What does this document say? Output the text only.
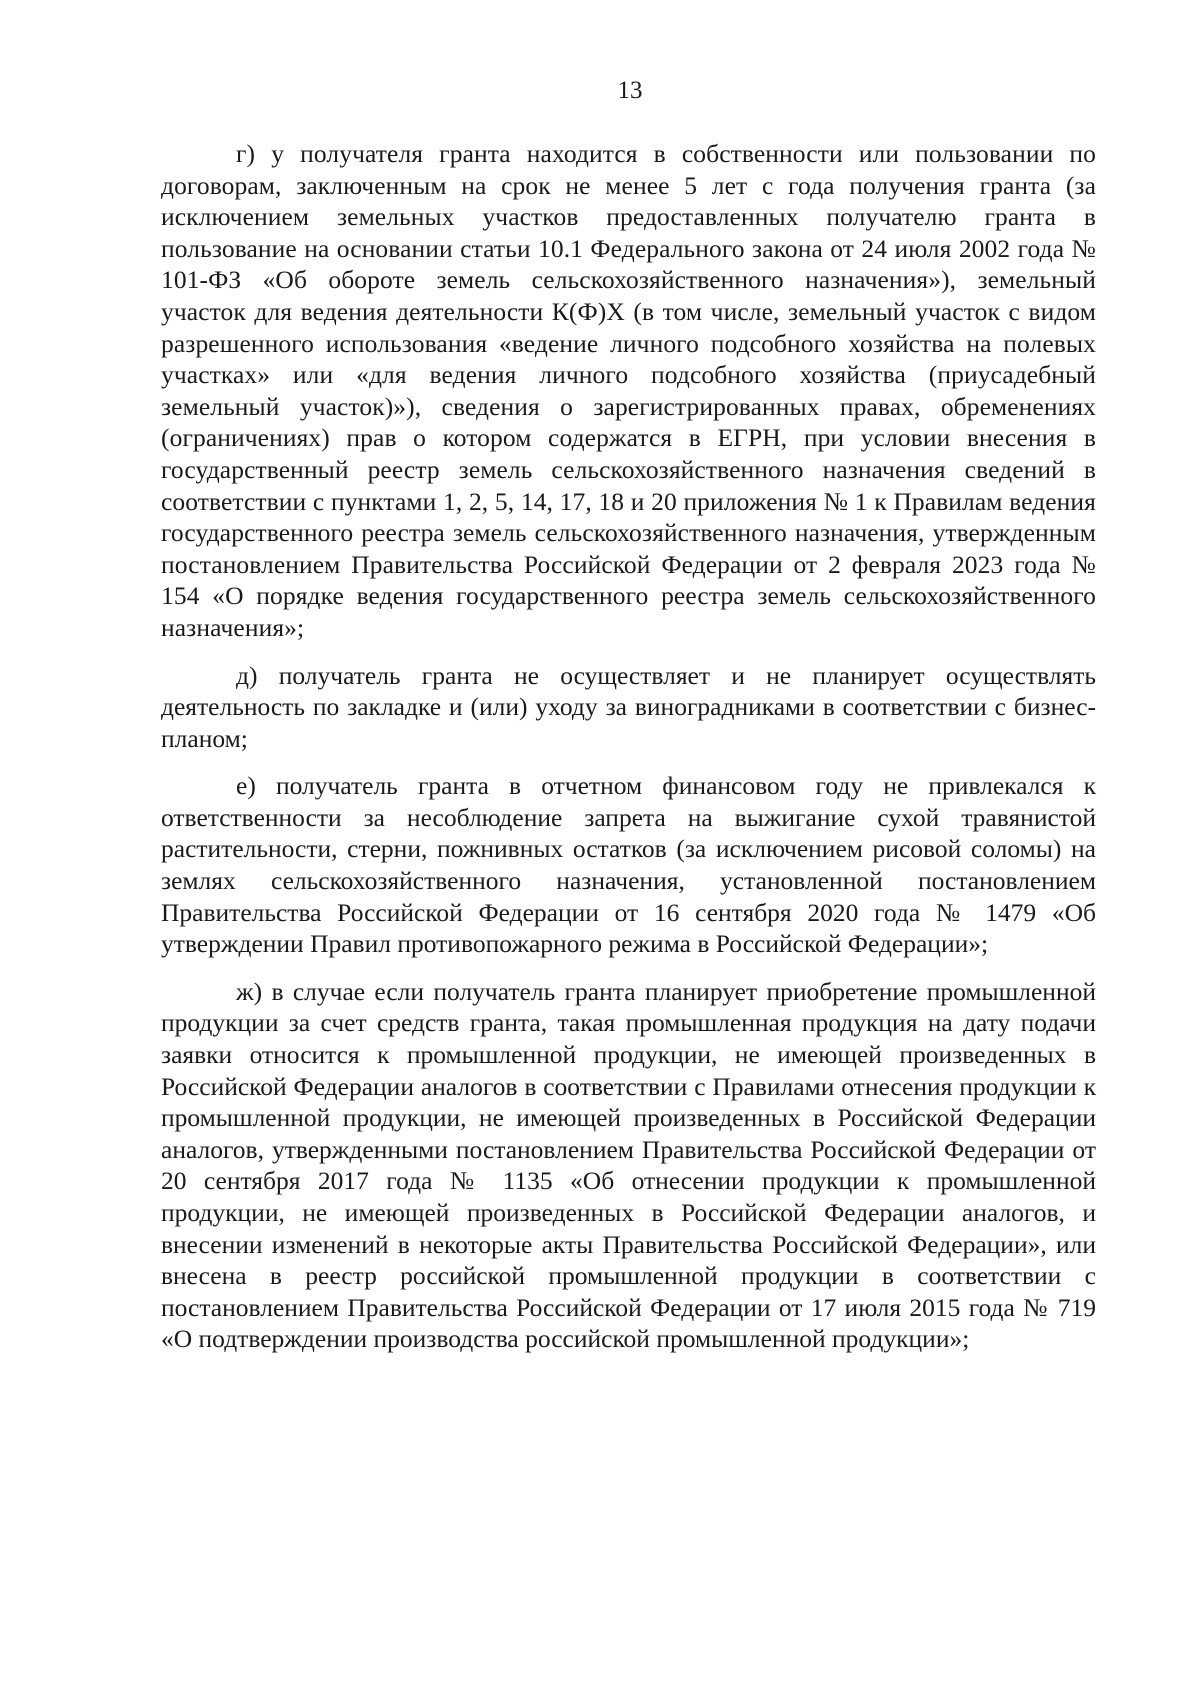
13

г) у получателя гранта находится в собственности или пользовании по договорам, заключенным на срок не менее 5 лет с года получения гранта (за исключением земельных участков предоставленных получателю гранта в пользование на основании статьи 10.1 Федерального закона от 24 июля 2002 года № 101-ФЗ «Об обороте земель сельскохозяйственного назначения»), земельный участок для ведения деятельности К(Ф)Х (в том числе, земельный участок с видом разрешенного использования «ведение личного подсобного хозяйства на полевых участках» или «для ведения личного подсобного хозяйства (приусадебный земельный участок)»), сведения о зарегистрированных правах, обременениях (ограничениях) прав о котором содержатся в ЕГРН, при условии внесения в государственный реестр земель сельскохозяйственного назначения сведений в соответствии с пунктами 1, 2, 5, 14, 17, 18 и 20 приложения № 1 к Правилам ведения государственного реестра земель сельскохозяйственного назначения, утвержденным постановлением Правительства Российской Федерации от 2 февраля 2023 года № 154 «О порядке ведения государственного реестра земель сельскохозяйственного назначения»;

д) получатель гранта не осуществляет и не планирует осуществлять деятельность по закладке и (или) уходу за виноградниками в соответствии с бизнес-планом;

е) получатель гранта в отчетном финансовом году не привлекался к ответственности за несоблюдение запрета на выжигание сухой травянистой растительности, стерни, пожнивных остатков (за исключением рисовой соломы) на землях сельскохозяйственного назначения, установленной постановлением Правительства Российской Федерации от 16 сентября 2020 года № 1479 «Об утверждении Правил противопожарного режима в Российской Федерации»;

ж) в случае если получатель гранта планирует приобретение промышленной продукции за счет средств гранта, такая промышленная продукция на дату подачи заявки относится к промышленной продукции, не имеющей произведенных в Российской Федерации аналогов в соответствии с Правилами отнесения продукции к промышленной продукции, не имеющей произведенных в Российской Федерации аналогов, утвержденными постановлением Правительства Российской Федерации от 20 сентября 2017 года № 1135 «Об отнесении продукции к промышленной продукции, не имеющей произведенных в Российской Федерации аналогов, и внесении изменений в некоторые акты Правительства Российской Федерации», или внесена в реестр российской промышленной продукции в соответствии с постановлением Правительства Российской Федерации от 17 июля 2015 года № 719 «О подтверждении производства российской промышленной продукции»;
